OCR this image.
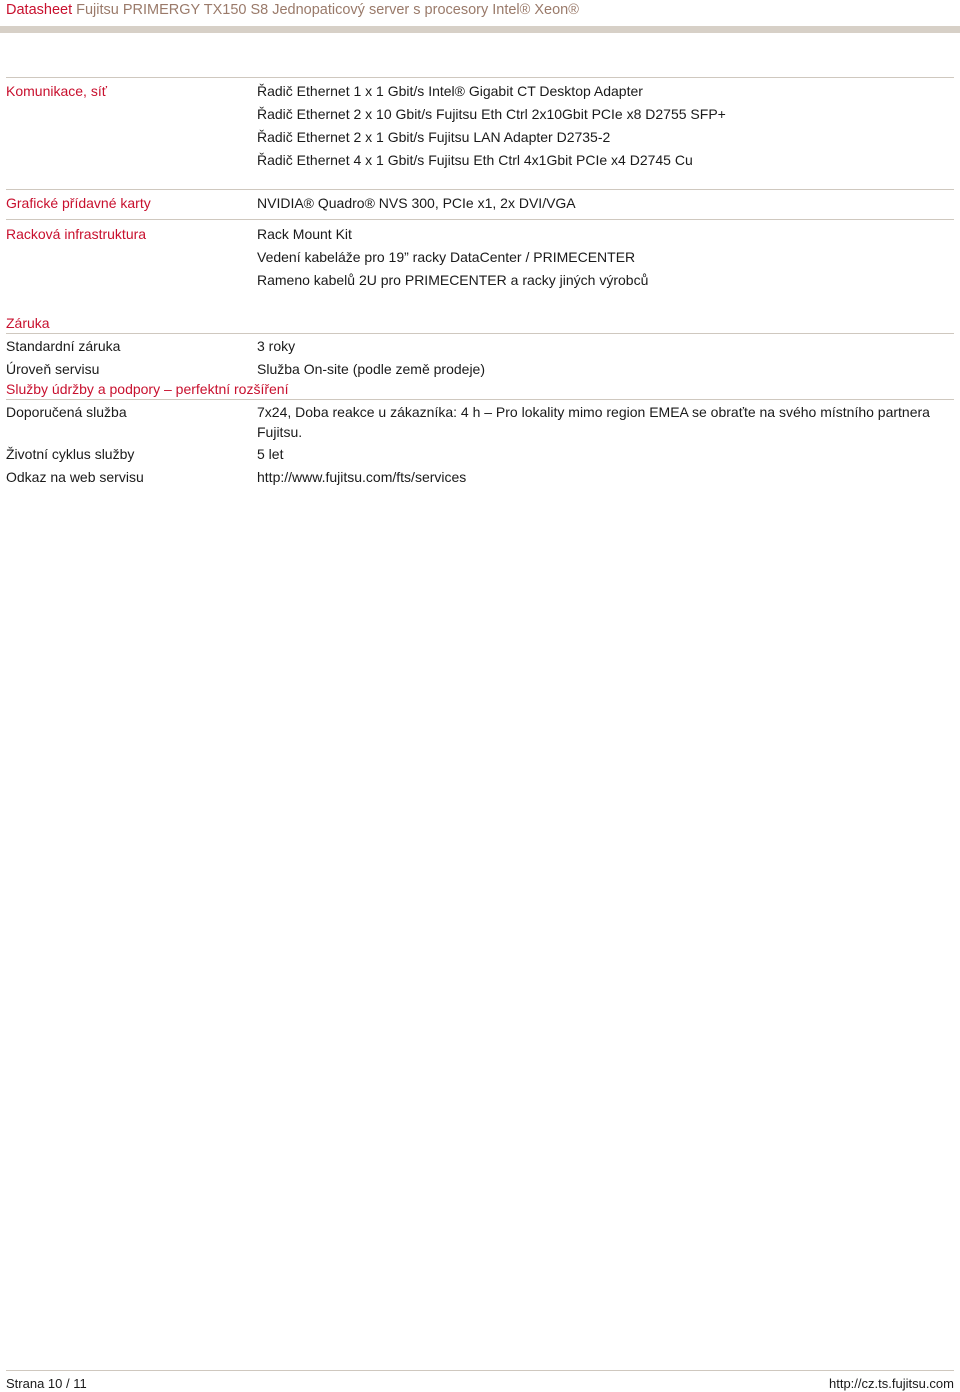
Datasheet Fujitsu PRIMERGY TX150 S8 Jednopaticový server s procesory Intel® Xeon®
Komunikace, síť	Řadič Ethernet 1 x 1 Gbit/s Intel® Gigabit CT Desktop Adapter
Řadič Ethernet 2 x 10 Gbit/s Fujitsu Eth Ctrl 2x10Gbit PCIe x8 D2755 SFP+
Řadič Ethernet 2 x 1 Gbit/s Fujitsu LAN Adapter D2735-2
Řadič Ethernet 4 x 1 Gbit/s Fujitsu Eth Ctrl 4x1Gbit PCIe x4 D2745 Cu
Grafické přídavné karty	NVIDIA® Quadro® NVS 300, PCIe x1, 2x DVI/VGA
Racková infrastruktura	Rack Mount Kit
Vedení kabeláže pro 19” racky DataCenter / PRIMECENTER
Rameno kabelů 2U pro PRIMECENTER a racky jiných výrobců
Záruka
Standardní záruka	3 roky
Úroveň servisu	Služba On-site (podle země prodeje)
Služby údržby a podpory – perfektní rozšíření
Doporučená služba	7x24, Doba reakce u zákazníka: 4 h – Pro lokality mimo region EMEA se obraťte na svého místního partnera Fujitsu.
Životní cyklus služby	5 let
Odkaz na web servisu	http://www.fujitsu.com/fts/services
Strana 10 / 11	http://cz.ts.fujitsu.com
